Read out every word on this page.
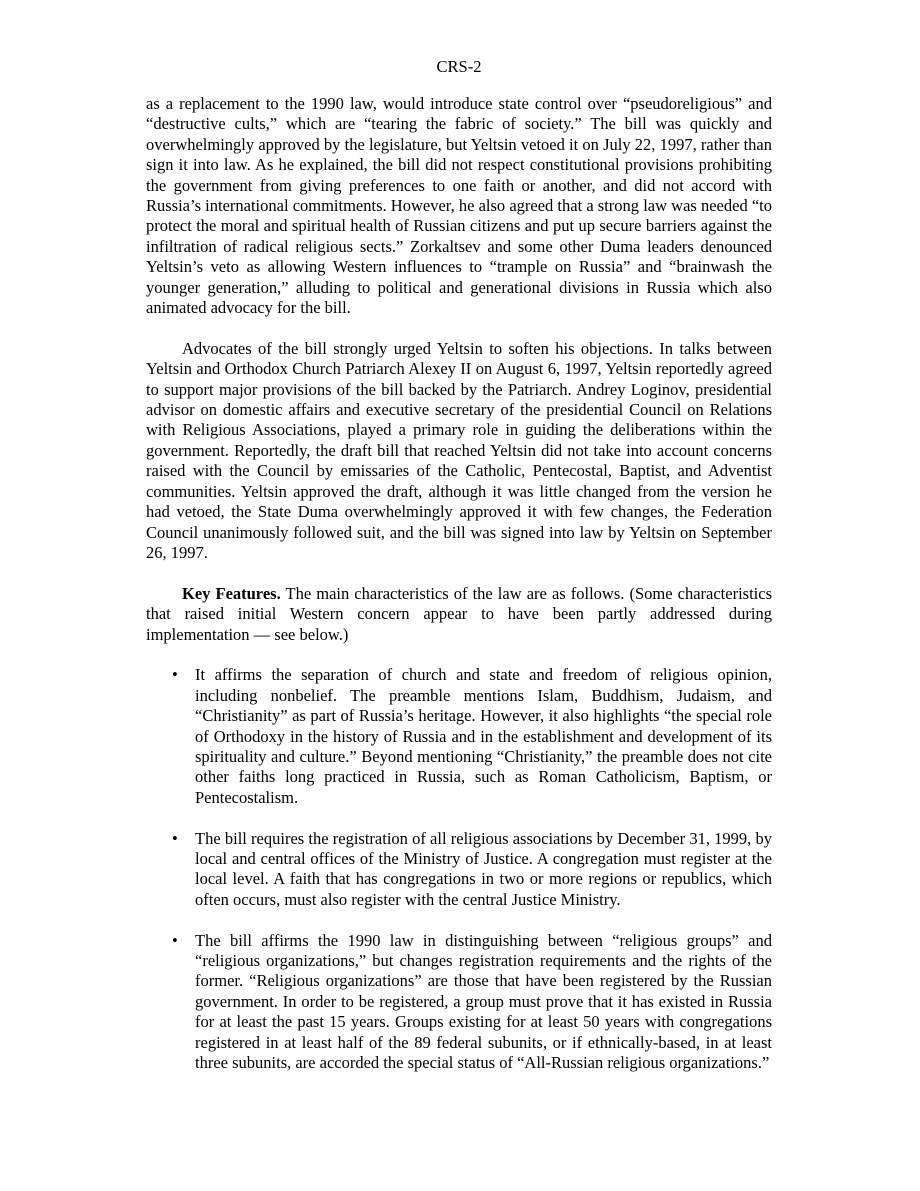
CRS-2

as a replacement to the 1990 law, would introduce state control over “pseudoreligious” and “destructive cults,” which are “tearing the fabric of society.” The bill was quickly and overwhelmingly approved by the legislature, but Yeltsin vetoed it on July 22, 1997, rather than sign it into law. As he explained, the bill did not respect constitutional provisions prohibiting the government from giving preferences to one faith or another, and did not accord with Russia’s international commitments. However, he also agreed that a strong law was needed “to protect the moral and spiritual health of Russian citizens and put up secure barriers against the infiltration of radical religious sects.” Zorkaltsev and some other Duma leaders denounced Yeltsin’s veto as allowing Western influences to “trample on Russia” and “brainwash the younger generation,” alluding to political and generational divisions in Russia which also animated advocacy for the bill.

Advocates of the bill strongly urged Yeltsin to soften his objections. In talks between Yeltsin and Orthodox Church Patriarch Alexey II on August 6, 1997, Yeltsin reportedly agreed to support major provisions of the bill backed by the Patriarch. Andrey Loginov, presidential advisor on domestic affairs and executive secretary of the presidential Council on Relations with Religious Associations, played a primary role in guiding the deliberations within the government. Reportedly, the draft bill that reached Yeltsin did not take into account concerns raised with the Council by emissaries of the Catholic, Pentecostal, Baptist, and Adventist communities. Yeltsin approved the draft, although it was little changed from the version he had vetoed, the State Duma overwhelmingly approved it with few changes, the Federation Council unanimously followed suit, and the bill was signed into law by Yeltsin on September 26, 1997.

Key Features. The main characteristics of the law are as follows. (Some characteristics that raised initial Western concern appear to have been partly addressed during implementation — see below.)

• It affirms the separation of church and state and freedom of religious opinion, including nonbelief. The preamble mentions Islam, Buddhism, Judaism, and “Christianity” as part of Russia’s heritage. However, it also highlights “the special role of Orthodoxy in the history of Russia and in the establishment and development of its spirituality and culture.” Beyond mentioning “Christianity,” the preamble does not cite other faiths long practiced in Russia, such as Roman Catholicism, Baptism, or Pentecostalism.
• The bill requires the registration of all religious associations by December 31, 1999, by local and central offices of the Ministry of Justice. A congregation must register at the local level. A faith that has congregations in two or more regions or republics, which often occurs, must also register with the central Justice Ministry.
• The bill affirms the 1990 law in distinguishing between “religious groups” and “religious organizations,” but changes registration requirements and the rights of the former. “Religious organizations” are those that have been registered by the Russian government. In order to be registered, a group must prove that it has existed in Russia for at least the past 15 years. Groups existing for at least 50 years with congregations registered in at least half of the 89 federal subunits, or if ethnically-based, in at least three subunits, are accorded the special status of “All-Russian religious organizations.”
